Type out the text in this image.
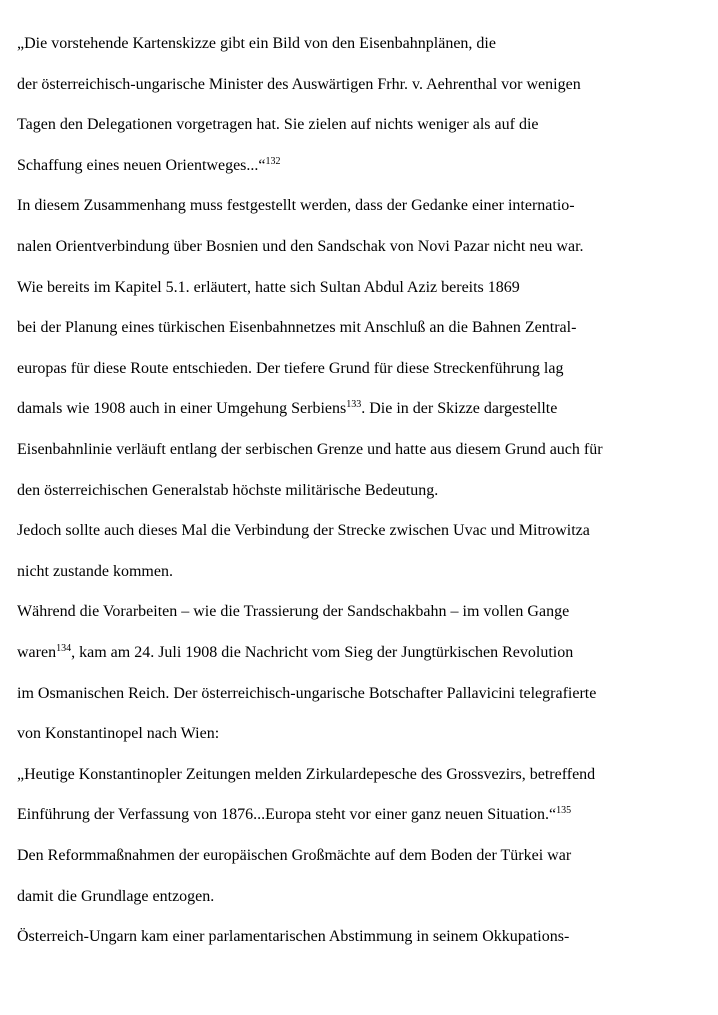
„Die vorstehende Kartenskizze gibt ein Bild von den Eisenbahnplänen, die
der österreichisch-ungarische Minister des Auswärtigen Frhr. v. Aehrenthal vor wenigen
Tagen den Delegationen vorgetragen hat. Sie zielen auf nichts weniger als auf die
Schaffung eines neuen Orientweges...“$^{132}$
In diesem Zusammenhang muss festgestellt werden, dass der Gedanke einer internatio-
nalen Orientverbindung über Bosnien und den Sandschak von Novi Pazar nicht neu war.
Wie bereits im Kapitel 5.1. erläutert, hatte sich Sultan Abdul Aziz bereits 1869
bei der Planung eines türkischen Eisenbahnnetzes mit Anschluß an die Bahnen Zentral-
europas für diese Route entschieden. Der tiefere Grund für diese Streckenführung lag
damals wie 1908 auch in einer Umgehung Serbiens$^{133}$. Die in der Skizze dargestellte
Eisenbahnlinie verläuft entlang der serbischen Grenze und hatte aus diesem Grund auch für
den österreichischen Generalstab höchste militärische Bedeutung.
Jedoch sollte auch dieses Mal die Verbindung der Strecke zwischen Uvac und Mitrowitza
nicht zustande kommen.
Während die Vorarbeiten – wie die Trassierung der Sandschakbahn – im vollen Gange
waren$^{134}$, kam am 24. Juli 1908 die Nachricht vom Sieg der Jungtürkischen Revolution
im Osmanischen Reich. Der österreichisch-ungarische Botschafter Pallavicini telegrafierte
von Konstantinopel nach Wien:
„Heutige Konstantinopler Zeitungen melden Zirkulardepesche des Grossvezirs, betreffend
Einführung der Verfassung von 1876...Europa steht vor einer ganz neuen Situation.“$^{135}$
Den Reformmaßnahmen der europäischen Großmächte auf dem Boden der Türkei war
damit die Grundlage entzogen.
Österreich-Ungarn kam einer parlamentarischen Abstimmung in seinem Okkupations-
